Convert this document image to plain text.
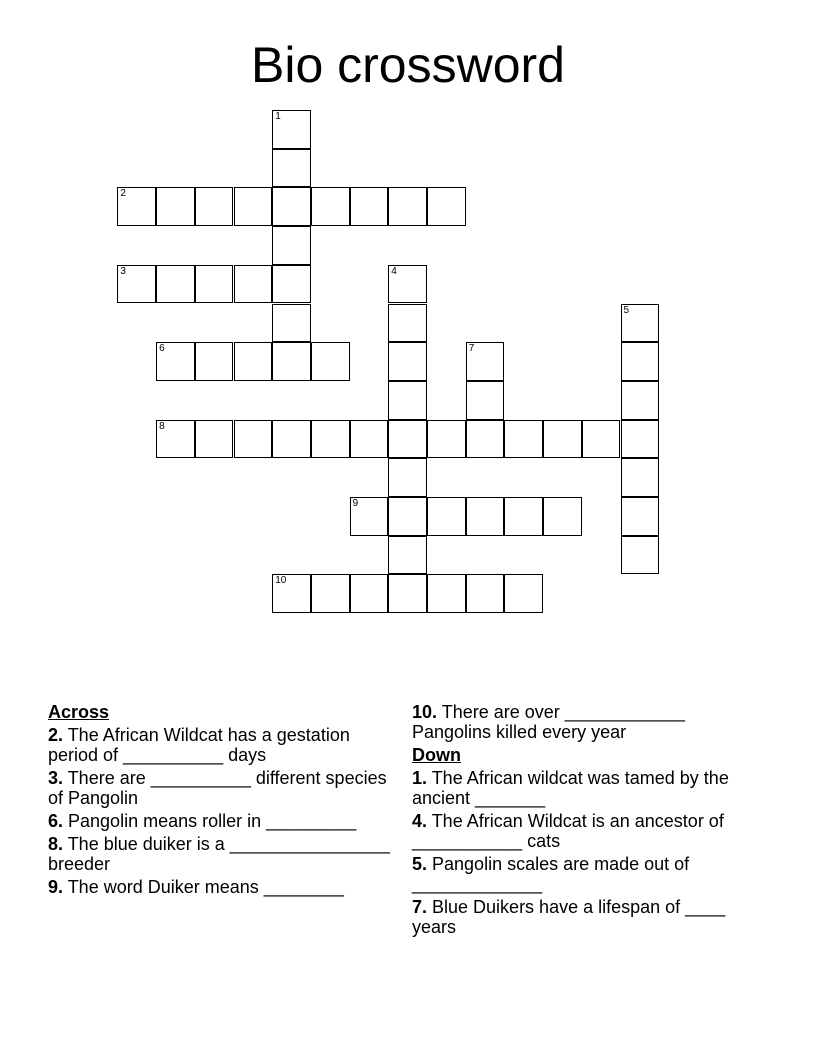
Bio crossword
1
2
3	4
5
6	7
8
9
10
Across
2. The African Wildcat has a gestation period of __________ days
3. There are __________ different species of Pangolin
6. Pangolin means roller in _________
8. The blue duiker is a ________________ breeder
9. The word Duiker means ________
10. There are over ____________ Pangolins killed every year
Down
1. The African wildcat was tamed by the ancient _______
4. The African Wildcat is an ancestor of ___________ cats
5. Pangolin scales are made out of _____________
7. Blue Duikers have a lifespan of ____ years
